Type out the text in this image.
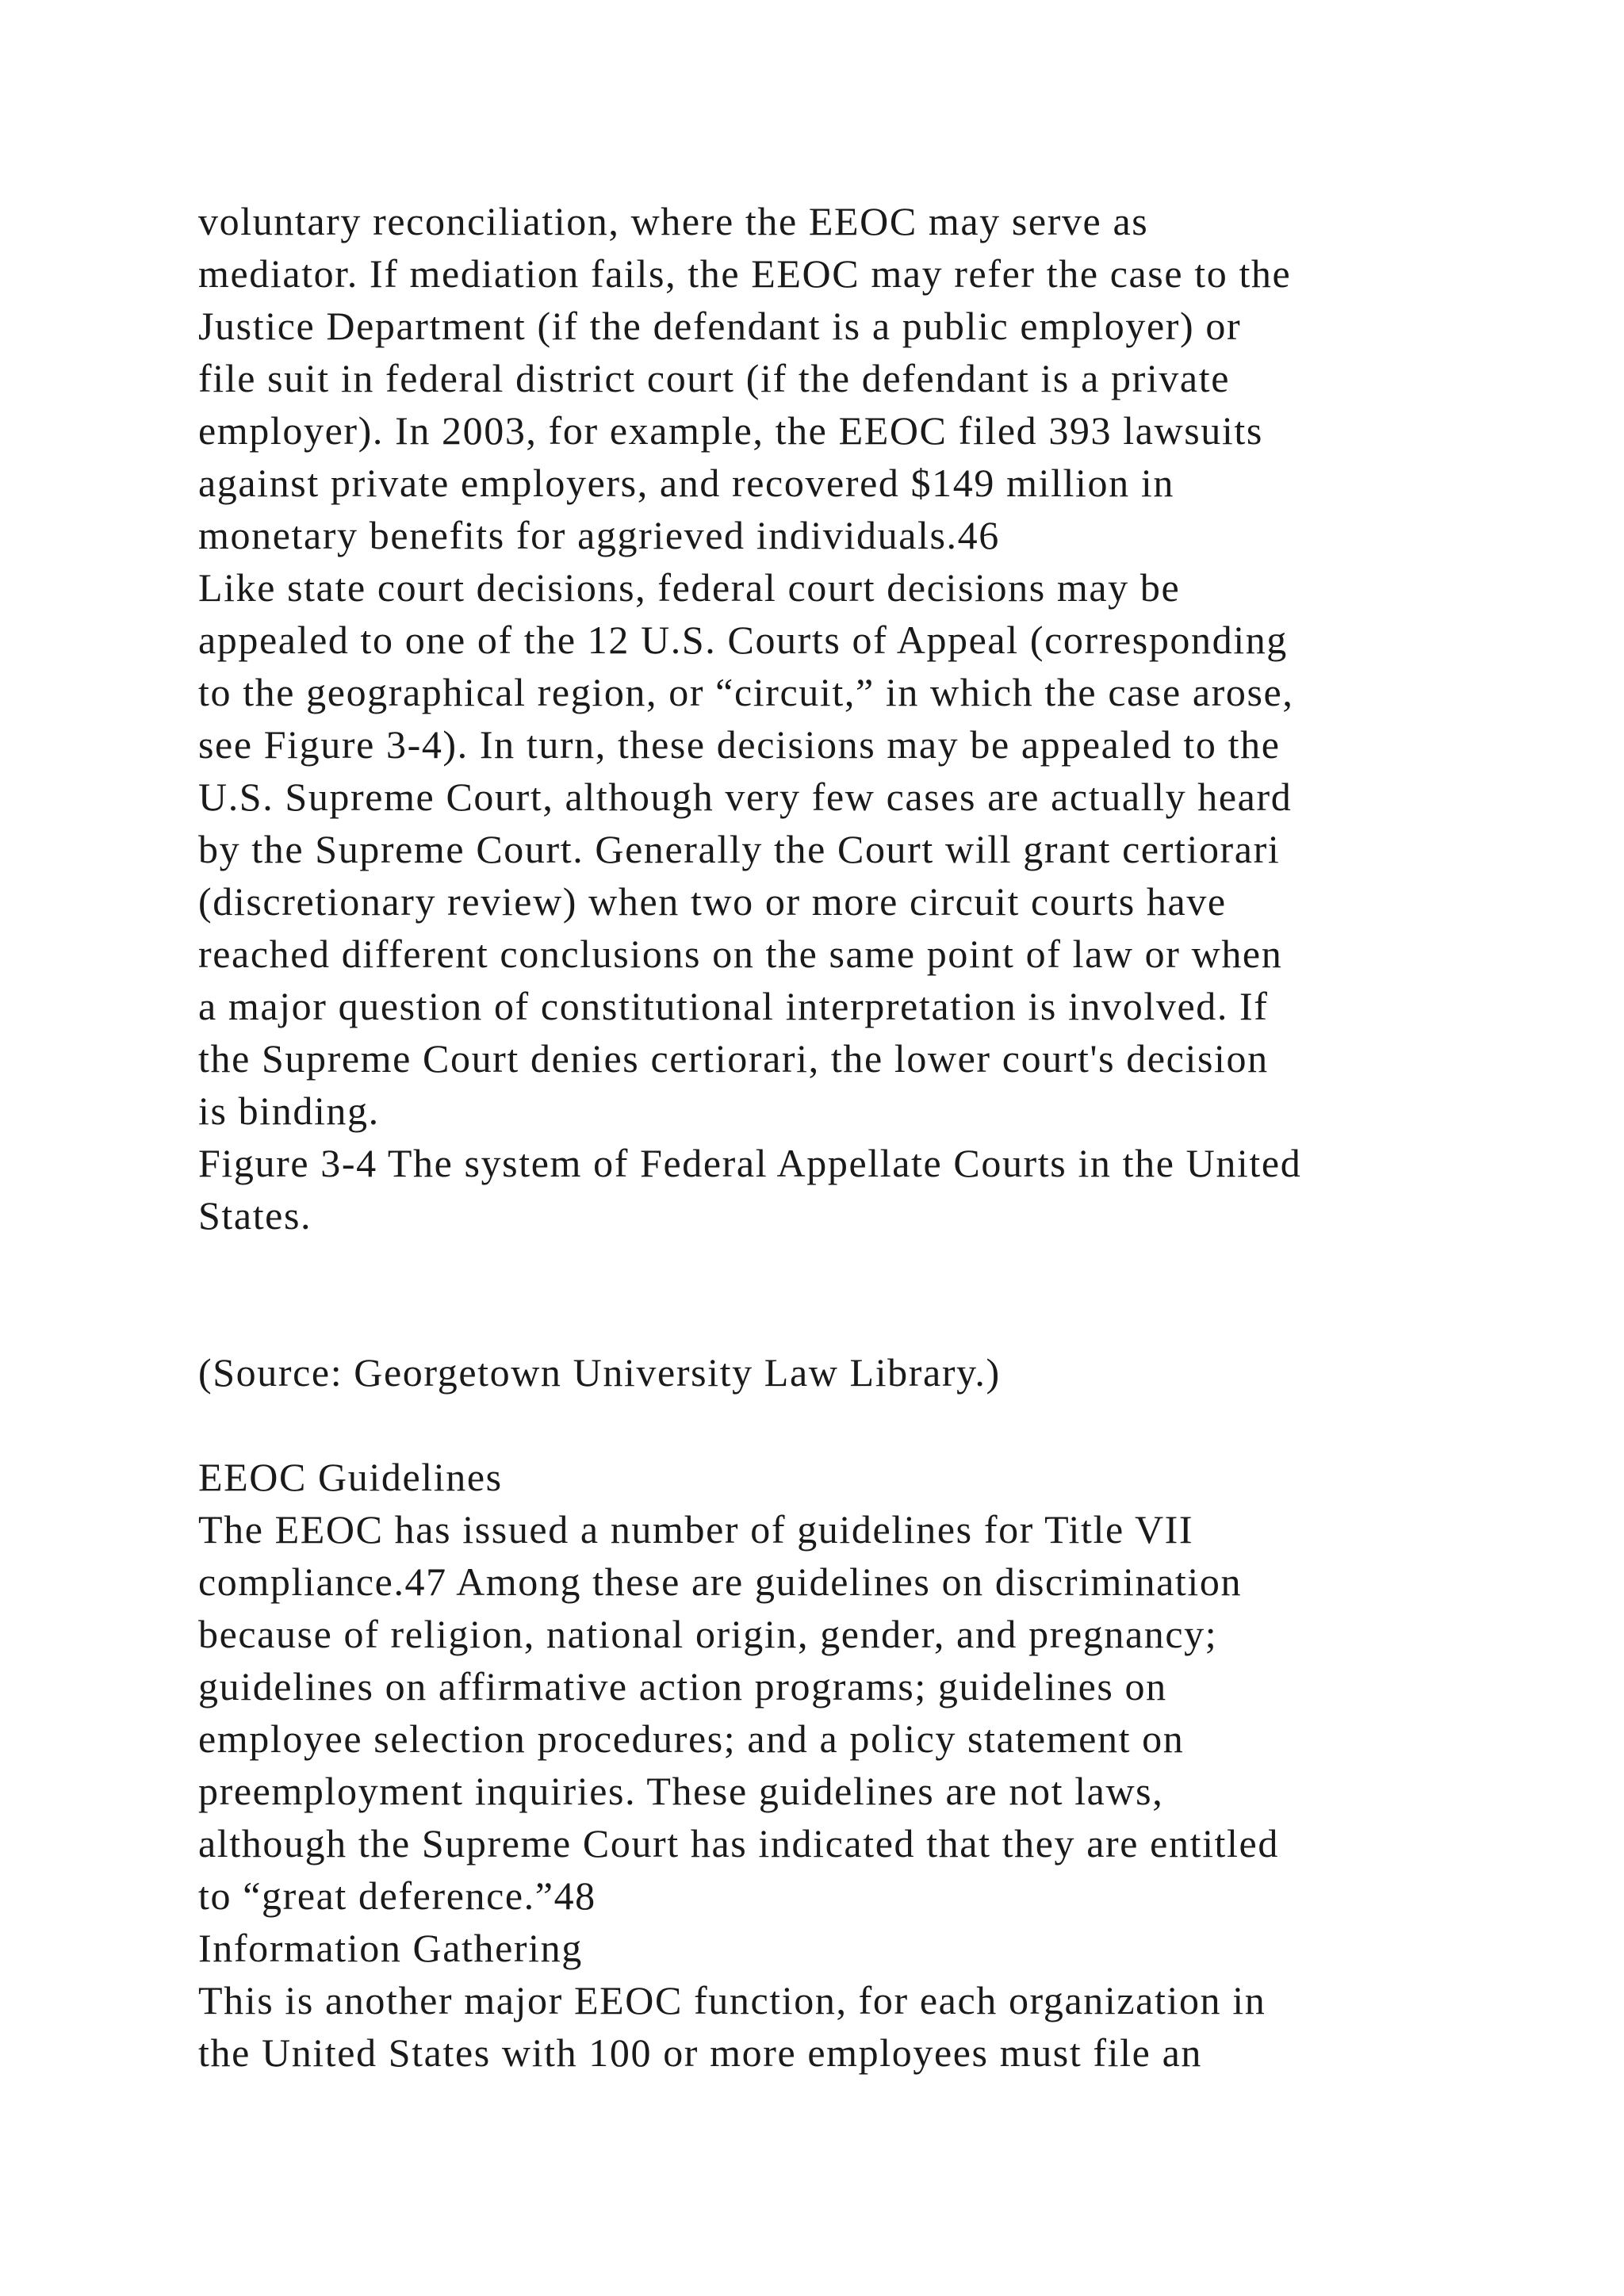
voluntary reconciliation, where the EEOC may serve as
mediator. If mediation fails, the EEOC may refer the case to the
Justice Department (if the defendant is a public employer) or
file suit in federal district court (if the defendant is a private
employer). In 2003, for example, the EEOC filed 393 lawsuits
against private employers, and recovered $149 million in
monetary benefits for aggrieved individuals.46
Like state court decisions, federal court decisions may be
appealed to one of the 12 U.S. Courts of Appeal (corresponding
to the geographical region, or “circuit,” in which the case arose,
see Figure 3-4). In turn, these decisions may be appealed to the
U.S. Supreme Court, although very few cases are actually heard
by the Supreme Court. Generally the Court will grant certiorari
(discretionary review) when two or more circuit courts have
reached different conclusions on the same point of law or when
a major question of constitutional interpretation is involved. If
the Supreme Court denies certiorari, the lower court's decision
is binding.
Figure 3-4 The system of Federal Appellate Courts in the United
States.
(Source: Georgetown University Law Library.)
EEOC Guidelines
The EEOC has issued a number of guidelines for Title VII
compliance.47 Among these are guidelines on discrimination
because of religion, national origin, gender, and pregnancy;
guidelines on affirmative action programs; guidelines on
employee selection procedures; and a policy statement on
preemployment inquiries. These guidelines are not laws,
although the Supreme Court has indicated that they are entitled
to “great deference.”48
Information Gathering
This is another major EEOC function, for each organization in
the United States with 100 or more employees must file an
